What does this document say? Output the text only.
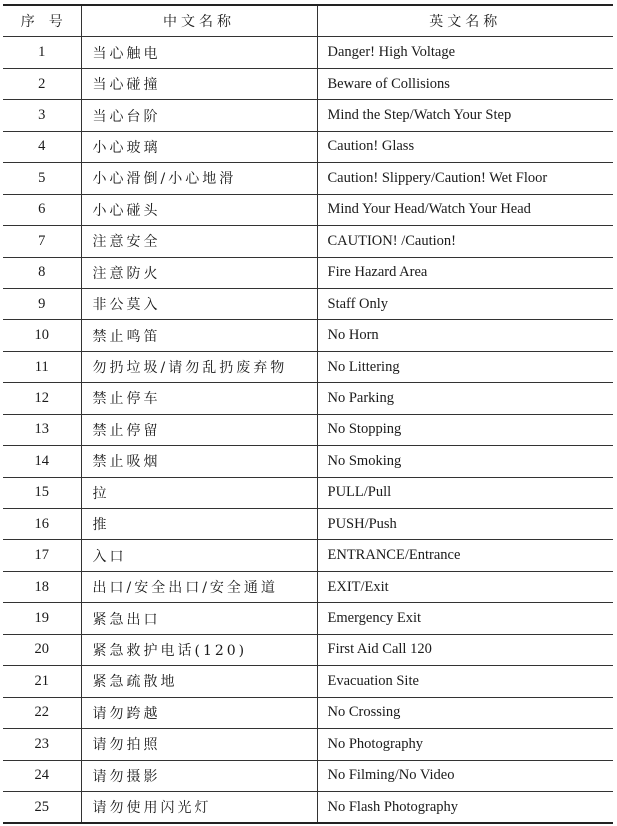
序号	中文名称	英文名称
1	当心触电	Danger! High Voltage
2	当心碰撞	Beware of Collisions
3	当心台阶	Mind the Step/Watch Your Step
4	小心玻璃	Caution! Glass
5	小心滑倒/小心地滑	Caution! Slippery/Caution! Wet Floor
6	小心碰头	Mind Your Head/Watch Your Head
7	注意安全	CAUTION! /Caution!
8	注意防火	Fire Hazard Area
9	非公莫入	Staff Only
10	禁止鸣笛	No Horn
11	勿扔垃圾/请勿乱扔废弃物	No Littering
12	禁止停车	No Parking
13	禁止停留	No Stopping
14	禁止吸烟	No Smoking
15	拉	PULL/Pull
16	推	PUSH/Push
17	入口	ENTRANCE/Entrance
18	出口/安全出口/安全通道	EXIT/Exit
19	紧急出口	Emergency Exit
20	紧急救护电话(120)	First Aid Call 120
21	紧急疏散地	Evacuation Site
22	请勿跨越	No Crossing
23	请勿拍照	No Photography
24	请勿摄影	No Filming/No Video
25	请勿使用闪光灯	No Flash Photography
